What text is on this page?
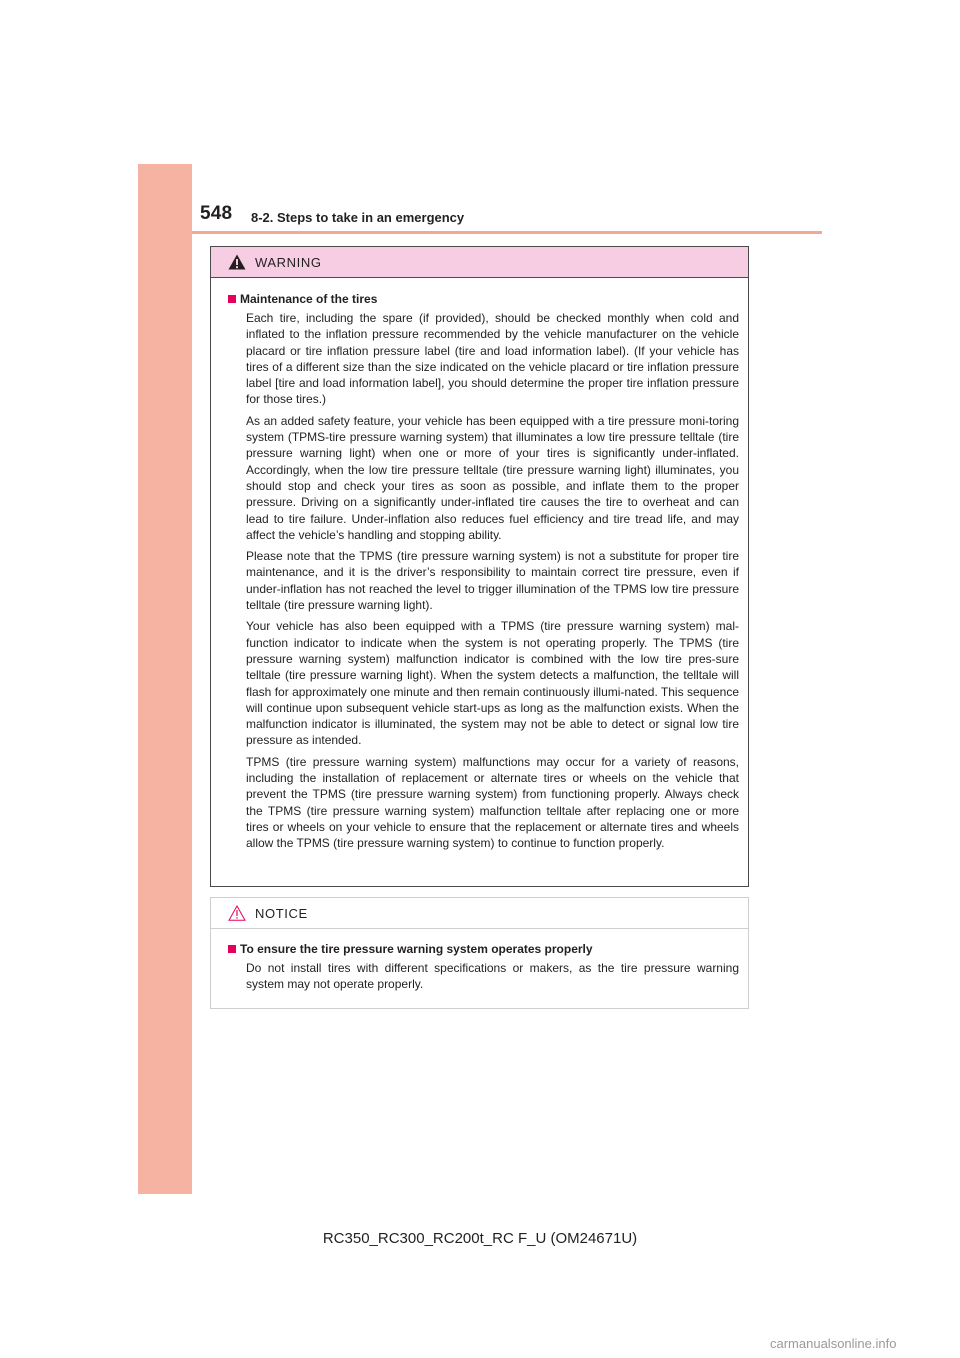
548 8-2. Steps to take in an emergency
WARNING
Maintenance of the tires

Each tire, including the spare (if provided), should be checked monthly when cold and inflated to the inflation pressure recommended by the vehicle manufacturer on the vehicle placard or tire inflation pressure label (tire and load information label). (If your vehicle has tires of a different size than the size indicated on the vehicle placard or tire inflation pressure label [tire and load information label], you should determine the proper tire inflation pressure for those tires.)

As an added safety feature, your vehicle has been equipped with a tire pressure moni-toring system (TPMS-tire pressure warning system) that illuminates a low tire pressure telltale (tire pressure warning light) when one or more of your tires is significantly under-inflated. Accordingly, when the low tire pressure telltale (tire pressure warning light) illuminates, you should stop and check your tires as soon as possible, and inflate them to the proper pressure. Driving on a significantly under-inflated tire causes the tire to overheat and can lead to tire failure. Under-inflation also reduces fuel efficiency and tire tread life, and may affect the vehicle’s handling and stopping ability.

Please note that the TPMS (tire pressure warning system) is not a substitute for proper tire maintenance, and it is the driver’s responsibility to maintain correct tire pressure, even if under-inflation has not reached the level to trigger illumination of the TPMS low tire pressure telltale (tire pressure warning light).

Your vehicle has also been equipped with a TPMS (tire pressure warning system) mal-function indicator to indicate when the system is not operating properly. The TPMS (tire pressure warning system) malfunction indicator is combined with the low tire pres-sure telltale (tire pressure warning light). When the system detects a malfunction, the telltale will flash for approximately one minute and then remain continuously illumi-nated. This sequence will continue upon subsequent vehicle start-ups as long as the malfunction exists. When the malfunction indicator is illuminated, the system may not be able to detect or signal low tire pressure as intended.

TPMS (tire pressure warning system) malfunctions may occur for a variety of reasons, including the installation of replacement or alternate tires or wheels on the vehicle that prevent the TPMS (tire pressure warning system) from functioning properly. Always check the TPMS (tire pressure warning system) malfunction telltale after replacing one or more tires or wheels on your vehicle to ensure that the replacement or alternate tires and wheels allow the TPMS (tire pressure warning system) to continue to function properly.

NOTICE
To ensure the tire pressure warning system operates properly

Do not install tires with different specifications or makers, as the tire pressure warning system may not operate properly.

RC350_RC300_RC200t_RC F_U (OM24671U)
carmanualsonline.info
